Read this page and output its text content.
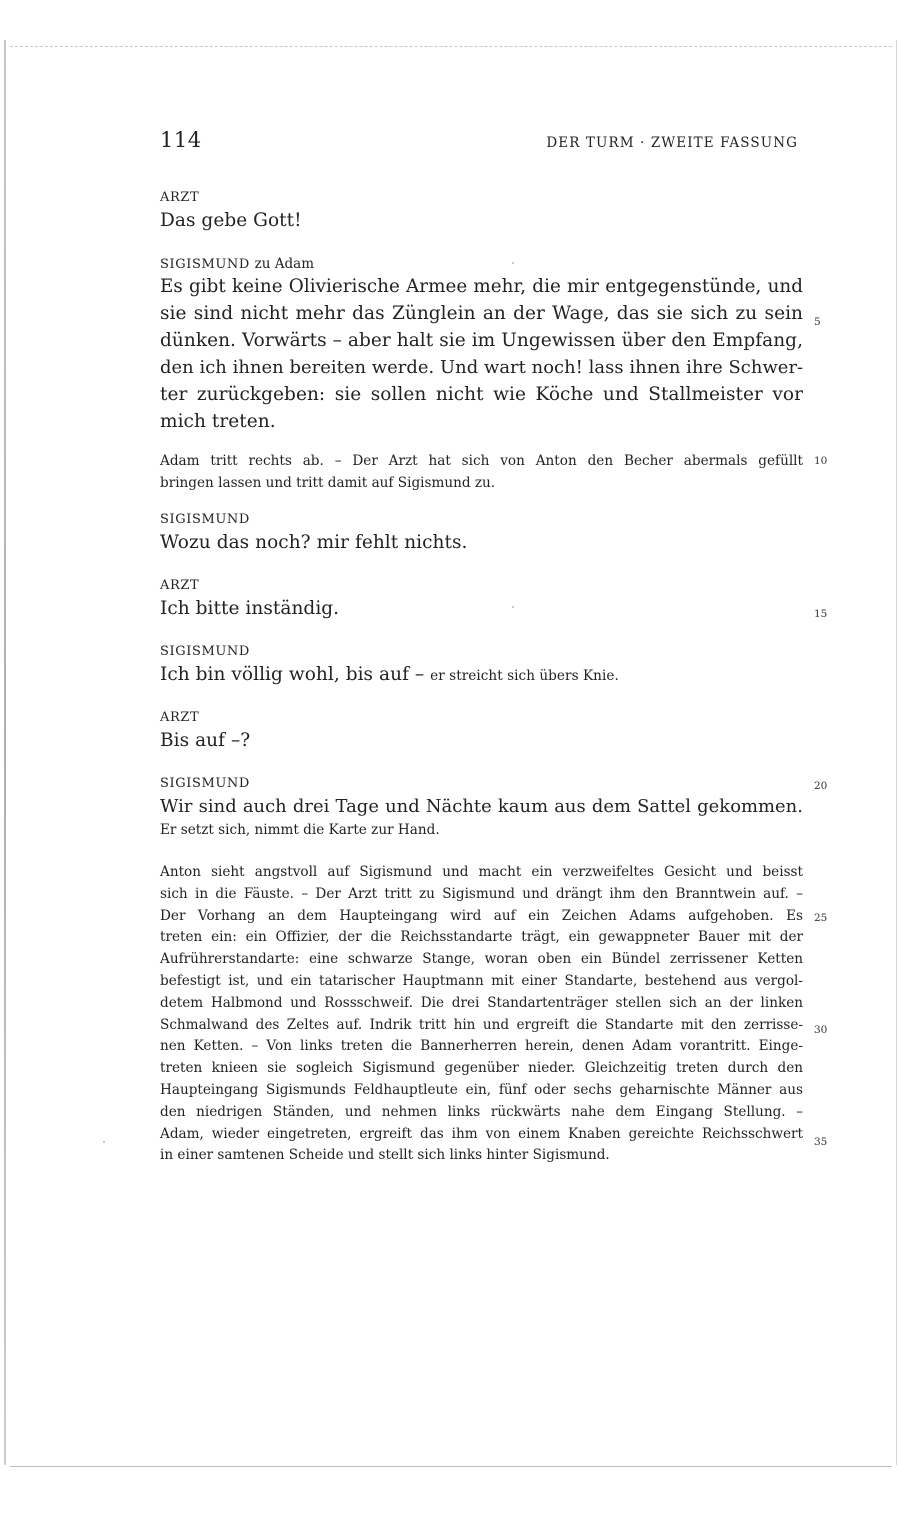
114	DER TURM · ZWEITE FASSUNG
ARZT
Das gebe Gott!
SIGISMUND zu Adam
Es gibt keine Olivierische Armee mehr, die mir entgegenstünde, und
sie sind nicht mehr das Zünglein an der Wage, das sie sich zu sein
dünken. Vorwärts – aber halt sie im Ungewissen über den Empfang,
den ich ihnen bereiten werde. Und wart noch! lass ihnen ihre Schwer-
ter zurückgeben: sie sollen nicht wie Köche und Stallmeister vor
mich treten.
Adam tritt rechts ab. – Der Arzt hat sich von Anton den Becher abermals gefüllt
bringen lassen und tritt damit auf Sigismund zu.
SIGISMUND
Wozu das noch? mir fehlt nichts.
ARZT
Ich bitte inständig.
SIGISMUND
Ich bin völlig wohl, bis auf – er streicht sich übers Knie.
ARZT
Bis auf –?
SIGISMUND
Wir sind auch drei Tage und Nächte kaum aus dem Sattel gekommen.
Er setzt sich, nimmt die Karte zur Hand.
Anton sieht angstvoll auf Sigismund und macht ein verzweifeltes Gesicht und beisst
sich in die Fäuste. – Der Arzt tritt zu Sigismund und drängt ihm den Branntwein auf. –
Der Vorhang an dem Haupteingang wird auf ein Zeichen Adams aufgehoben. Es
treten ein: ein Offizier, der die Reichsstandarte trägt, ein gewappneter Bauer mit der
Aufrührerstandarte: eine schwarze Stange, woran oben ein Bündel zerrissener Ketten
befestigt ist, und ein tatarischer Hauptmann mit einer Standarte, bestehend aus vergol-
detem Halbmond und Rossschweif. Die drei Standartenträger stellen sich an der linken
Schmalwand des Zeltes auf. Indrik tritt hin und ergreift die Standarte mit den zerrisse-
nen Ketten. – Von links treten die Bannerherren herein, denen Adam vorantritt. Einge-
treten knieen sie sogleich Sigismund gegenüber nieder. Gleichzeitig treten durch den
Haupteingang Sigismunds Feldhauptleute ein, fünf oder sechs geharnischte Männer aus
den niedrigen Ständen, und nehmen links rückwärts nahe dem Eingang Stellung. –
Adam, wieder eingetreten, ergreift das ihm von einem Knaben gereichte Reichsschwert
in einer samtenen Scheide und stellt sich links hinter Sigismund.
5
10
15
20
25
30
35
